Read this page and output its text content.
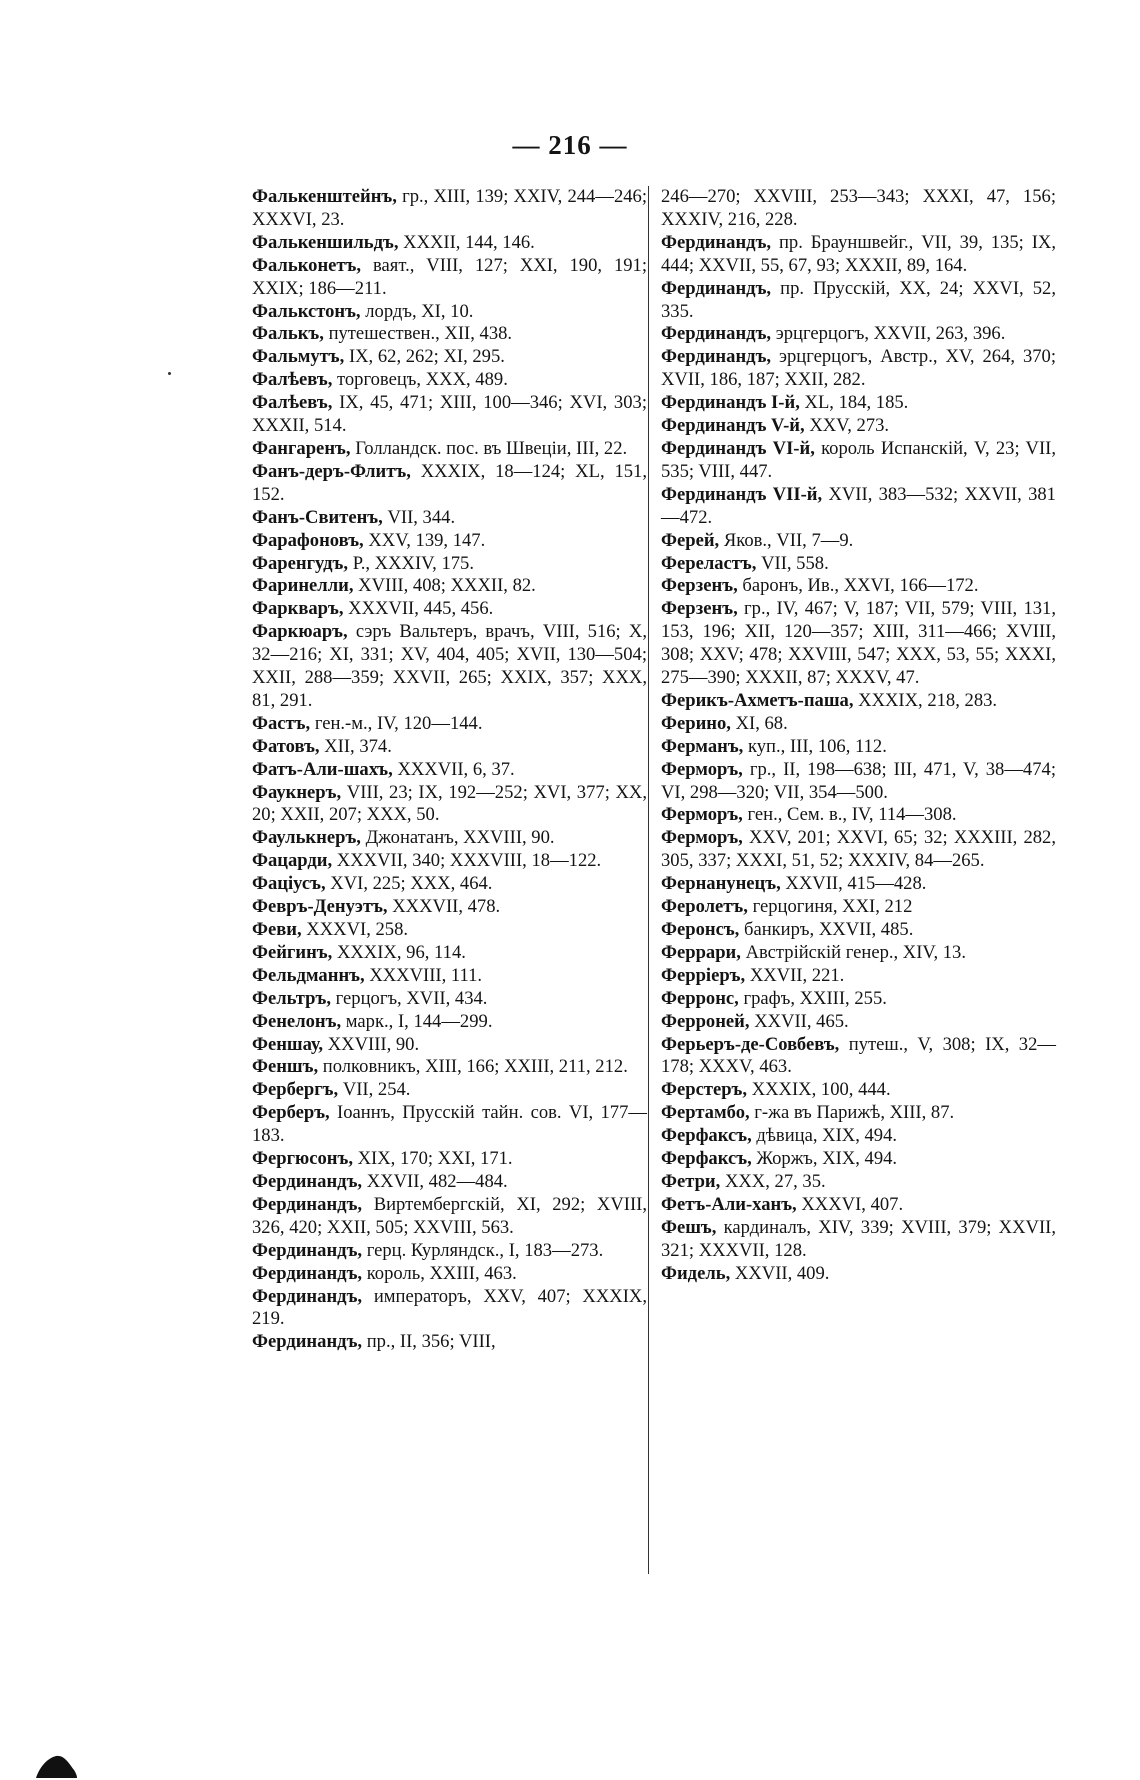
— 216 —
Фалькенштейнъ, гр., XIII, 139; XXIV, 244—246; XXXVI, 23.
Фалькеншильдъ, XXXII, 144, 146.
Фальконетъ, ваят., VIII, 127; XXI, 190, 191; XXIX; 186—211.
Фалькстонъ, лордъ, XI, 10.
Фалькъ, путешествен., XII, 438.
Фальмутъ, IX, 62, 262; XI, 295.
Фалѣевъ, торговецъ, XXX, 489.
Фалѣевъ, IX, 45, 471; XIII, 100—346; XVI, 303; XXXII, 514.
Фангаренъ, Голландск. пос. въ Швеціи, III, 22.
Фанъ-деръ-Флитъ, XXXIX, 18—124; XL, 151, 152.
Фанъ-Свитенъ, VII, 344.
Фарафоновъ, XXV, 139, 147.
Фаренгудъ, Р., XXXIV, 175.
Фаринелли, XVIII, 408; XXXII, 82.
Фарквaръ, XXXVII, 445, 456.
Фаркюаръ, сэръ Вальтеръ, врачъ, VIII, 516; X, 32—216; XI, 331; XV, 404, 405; XVII, 130—504; XXII, 288—359; XXVII, 265; XXIX, 357; XXX, 81, 291.
Фастъ, ген.-м., IV, 120—144.
Фатовъ, XII, 374.
Фатъ-Али-шахъ, XXXVII, 6, 37.
Фаукнеръ, VIII, 23; IX, 192—252; XVI, 377; XX, 20; XXII, 207; XXX, 50.
Фаулькнеръ, Джонатанъ, XXVIII, 90.
Фацарди, XXXVII, 340; XXXVIII, 18—122.
Фаціусъ, XVI, 225; XXX, 464.
Февръ-Денуэтъ, XXXVII, 478.
Феви, XXXVI, 258.
Фейгинъ, XXXIX, 96, 114.
Фельдманнъ, XXXVIII, 111.
Фельтръ, герцогъ, XVII, 434.
Фенелонъ, марк., I, 144—299.
Феншау, XXVIII, 90.
Феншъ, полковникъ, XIII, 166; XXIII, 211, 212.
Фербергъ, VII, 254.
Ферберъ, Іоаннъ, Прусскій тайн. сов. VI, 177—183.
Фергюсонъ, XIX, 170; XXI, 171.
Фердинандъ, XXVII, 482—484.
Фердинандъ, Виртембергскій, XI, 292; XVIII, 326, 420; XXII, 505; XXVIII, 563.
Фердинандъ, герц. Курляндск., I, 183—273.
Фердинандъ, король, XXIII, 463.
Фердинандъ, императоръ, XXV, 407; XXXIX, 219.
Фердинандъ, пр., II, 356; VIII,
246—270; XXVIII, 253—343; XXXI, 47, 156; XXXIV, 216, 228.
Фердинандъ, пр. Брауншвейг., VII, 39, 135; IX, 444; XXVII, 55, 67, 93; XXXII, 89, 164.
Фердинандъ, пр. Прусскій, XX, 24; XXVI, 52, 335.
Фердинандъ, эрцгерцогъ, XXVII, 263, 396.
Фердинандъ, эрцгерцогъ, Австр., XV, 264, 370; XVII, 186, 187; XXII, 282.
Фердинандъ I-й, XL, 184, 185.
Фердинандъ V-й, XXV, 273.
Фердинандъ VI-й, король Испанскій, V, 23; VII, 535; VIII, 447.
Фердинандъ VII-й, XVII, 383—532; XXVII, 381—472.
Ферей, Яков., VII, 7—9.
Фереластъ, VII, 558.
Ферзенъ, баронъ, Ив., XXVI, 166—172.
Ферзенъ, гр., IV, 467; V, 187; VII, 579; VIII, 131, 153, 196; XII, 120—357; XIII, 311—466; XVIII, 308; XXV; 478; XXVIII, 547; XXX, 53, 55; XXXI, 275—390; XXXII, 87; XXXV, 47.
Ферикъ-Ахметъ-паша, XXXIX, 218, 283.
Ферино, XI, 68.
Ферманъ, куп., III, 106, 112.
Ферморъ, гр., II, 198—638; III, 471, V, 38—474; VI, 298—320; VII, 354—500.
Ферморъ, ген., Сем. в., IV, 114—308.
Ферморъ, XXV, 201; XXVI, 65; 32; XXXIII, 282, 305, 337; XXXI, 51, 52; XXXIV, 84—265.
Фернанунецъ, XXVII, 415—428.
Феролетъ, герцогиня, XXI, 212
Феронсъ, банкиръ, XXVII, 485.
Феррари, Австрійскій генер., XIV, 13.
Ферріеръ, XXVII, 221.
Ферронс, графъ, XXIII, 255.
Ферроней, XXVII, 465.
Ферьеръ-де-Совбевъ, путеш., V, 308; IX, 32—178; XXXV, 463.
Ферстеръ, XXXIX, 100, 444.
Фертамбо, г-жа въ Парижѣ, XIII, 87.
Ферфаксъ, дѣвица, XIX, 494.
Ферфаксъ, Жоржъ, XIX, 494.
Фетри, XXX, 27, 35.
Фетъ-Али-ханъ, XXXVI, 407.
Фешъ, кардиналъ, XIV, 339; XVIII, 379; XXVII, 321; XXXVII, 128.
Фидель, XXVII, 409.
